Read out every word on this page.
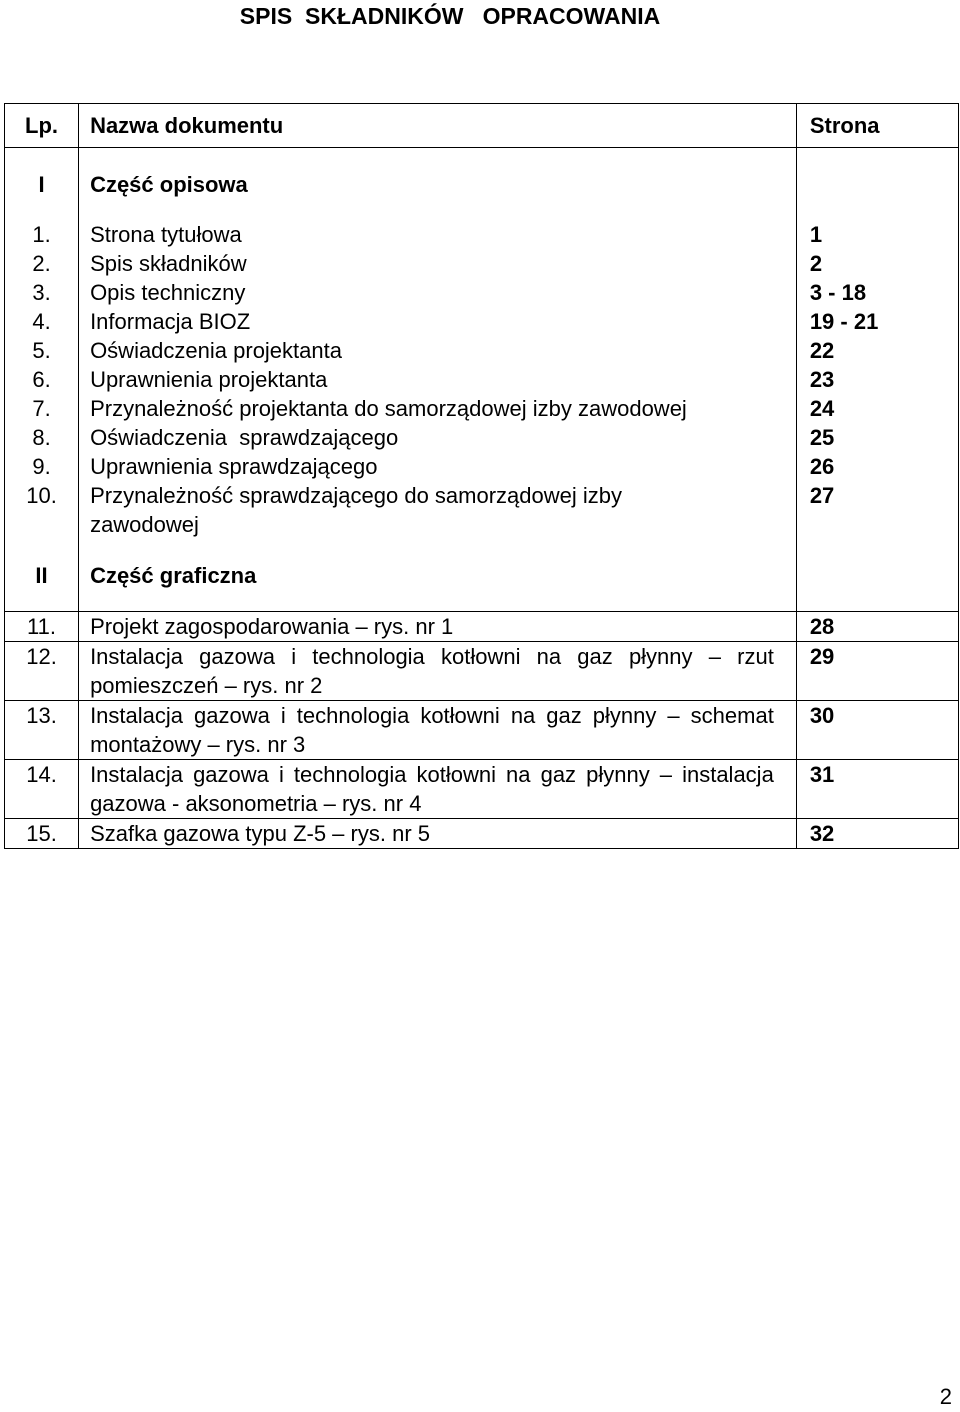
SPIS  SKŁADNIKÓW   OPRACOWANIA
Lp.	Nazwa dokumentu	Strona
I	Część opisowa	
1.	Strona tytułowa	1
2.	Spis składników	2
3.	Opis techniczny	3 - 18
4.	Informacja BIOZ	19 - 21
5.	Oświadczenia projektanta	22
6.	Uprawnienia projektanta	23
7.	Przynależność projektanta do samorządowej izby zawodowej	24
8.	Oświadczenia  sprawdzającego	25
9.	Uprawnienia sprawdzającego	26
10.	Przynależność sprawdzającego do samorządowej izby zawodowej	27
II	Część graficzna	
11.	Projekt zagospodarowania – rys. nr 1	28
12.	Instalacja gazowa i technologia kotłowni na gaz płynny – rzut pomieszczeń – rys. nr 2	29
13.	Instalacja gazowa i technologia kotłowni na gaz płynny – schemat montażowy – rys. nr 3	30
14.	Instalacja gazowa i technologia kotłowni na gaz płynny – instalacja gazowa - aksonometria – rys. nr 4	31
15.	Szafka gazowa typu Z-5 – rys. nr 5	32
2
